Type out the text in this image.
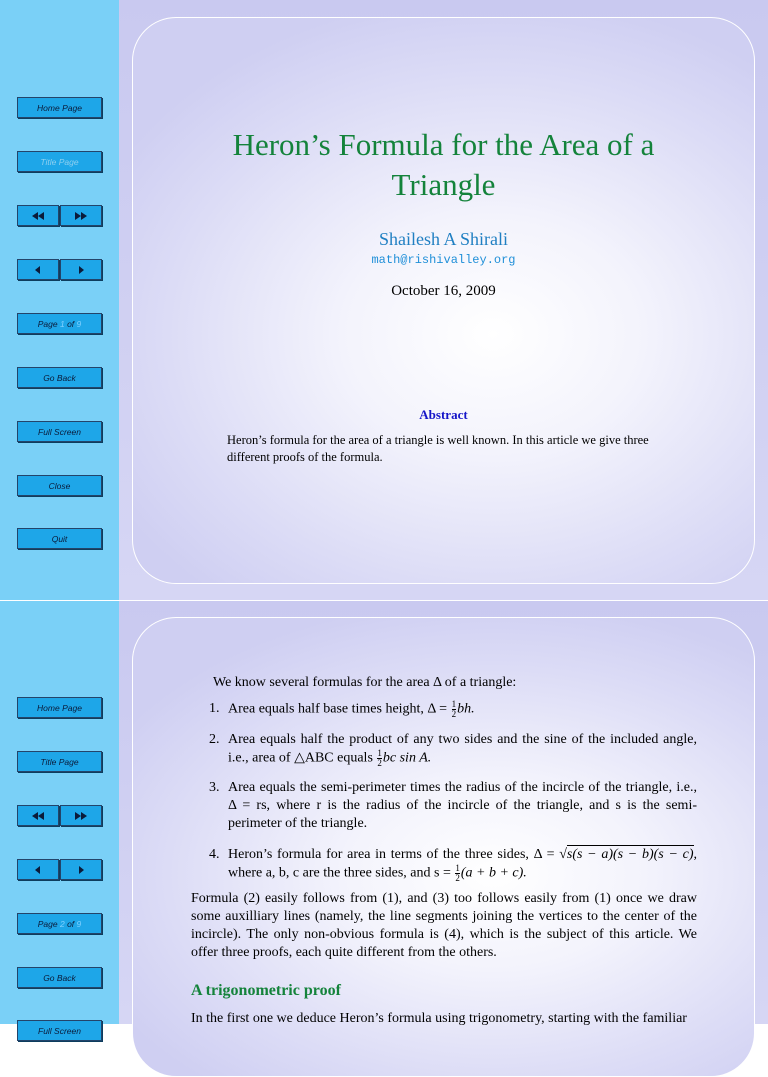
Home Page
Title Page
Page
1
of
9
Go Back
Full Screen
Close
Quit
Heron’s Formula for the Area of a
Triangle
Shailesh A Shirali
math@rishivalley.org
October 16, 2009
Abstract
Heron’s formula for the area of a triangle is well known. In this article we give three different proofs of the formula.
Home Page
Title Page
Page
2
of
9
Go Back
Full Screen
We know several formulas for the area Δ of a triangle:
1. Area equals half base times height, $\Delta = \frac{1}{2}$ bh.
2. Area equals half the product of any two sides and the sine of the included angle, i.e., area of △ABC equals $\frac{1}{2}$ bc sin A.
3. Area equals the semi-perimeter times the radius of the incircle of the triangle, i.e., Δ = rs, where r is the radius of the incircle of the triangle, and s is the semi-perimeter of the triangle.
4. Heron’s formula for area in terms of the three sides, Δ = √s(s − a)(s − b)(s − c), where a, b, c are the three sides, and $s = \frac{1}{2} (a + b + c)$.
Formula (2) easily follows from (1), and (3) too follows easily from (1) once we draw some auxilliary lines (namely, the line segments joining the vertices to the center of the incircle). The only non-obvious formula is (4), which is the subject of this article. We offer three proofs, each quite different from the others.
A trigonometric proof
In the first one we deduce Heron’s formula using trigonometry, starting with the familiar
